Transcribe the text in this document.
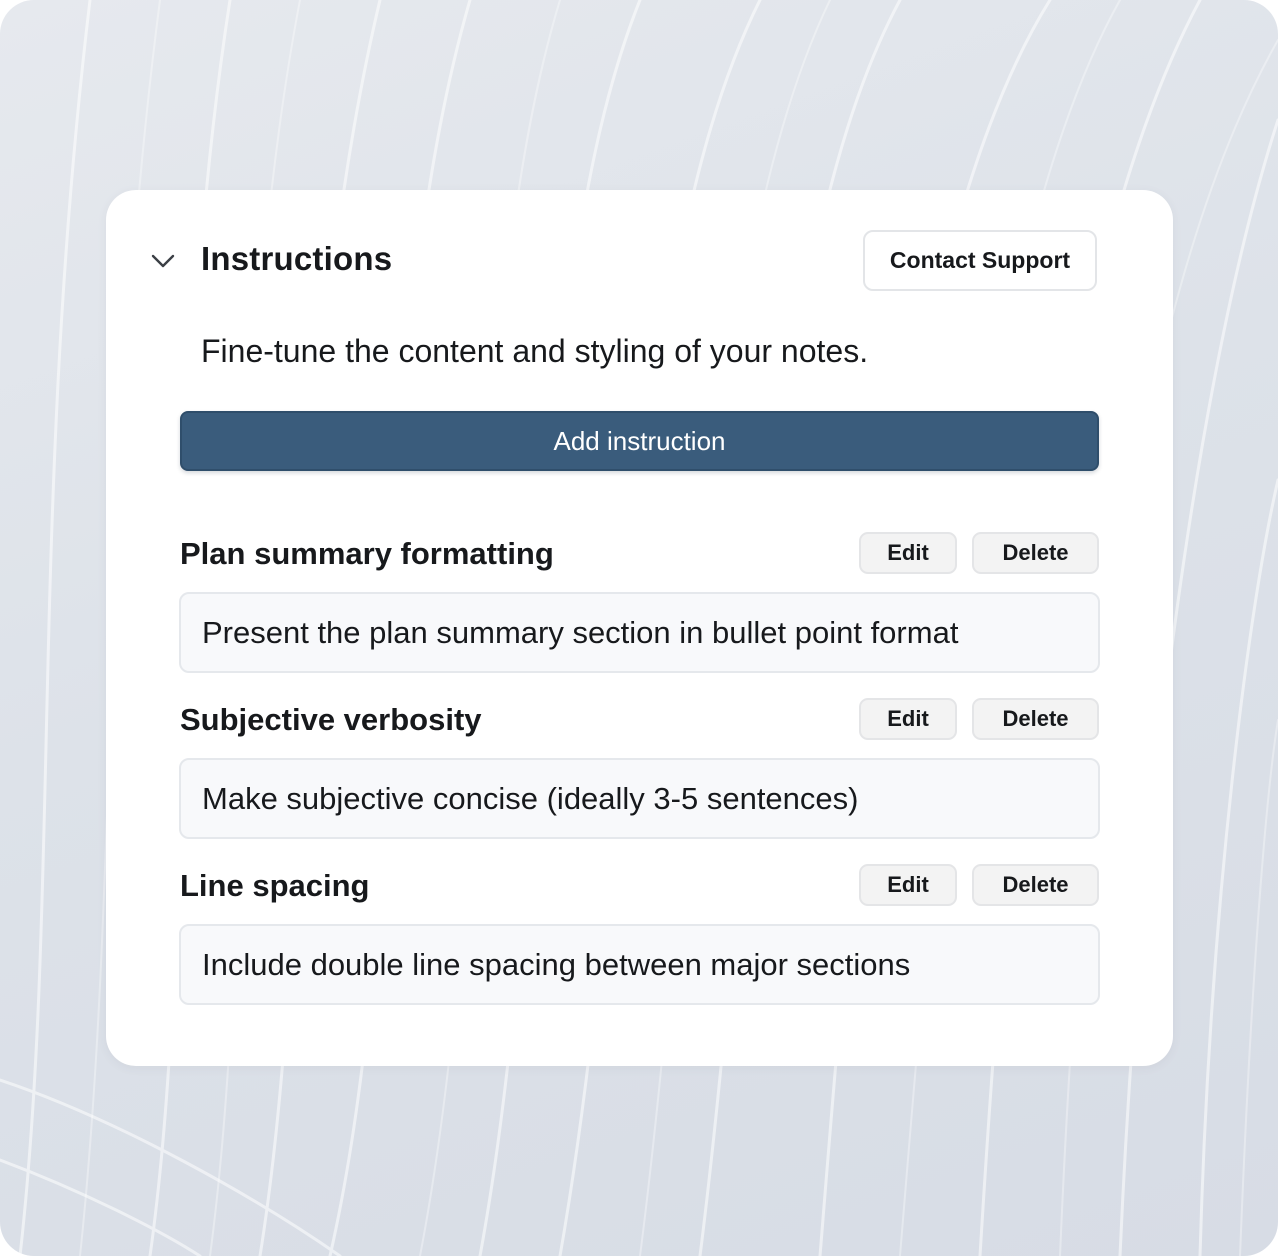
Instructions	Contact Support
Fine-tune the content and styling of your notes.
Add instruction
Plan summary formatting	Edit	Delete
Present the plan summary section in bullet point format
Subjective verbosity	Edit	Delete
Make subjective concise (ideally 3-5 sentences)
Line spacing	Edit	Delete
Include double line spacing between major sections
